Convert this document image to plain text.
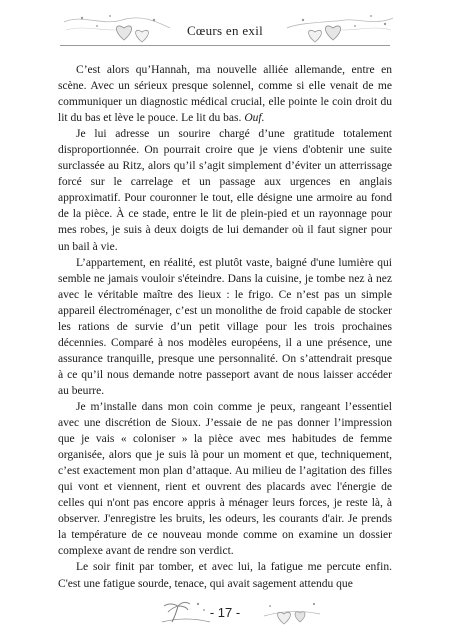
Cœurs en exil

C’est alors qu’Hannah, ma nouvelle alliée allemande, entre en scène. Avec un sérieux presque solennel, comme si elle venait de me communiquer un diagnostic médical crucial, elle pointe le coin droit du lit du bas et lève le pouce. Le lit du bas. Ouf.

Je lui adresse un sourire chargé d’une gratitude totalement disproportionnée. On pourrait croire que je viens d'obtenir une suite surclassée au Ritz, alors qu’il s’agit simplement d’éviter un atterrissage forcé sur le carrelage et un passage aux urgences en anglais approximatif. Pour couronner le tout, elle désigne une armoire au fond de la pièce. À ce stade, entre le lit de plein-pied et un rayonnage pour mes robes, je suis à deux doigts de lui demander où il faut signer pour un bail à vie.

L’appartement, en réalité, est plutôt vaste, baigné d'une lumière qui semble ne jamais vouloir s'éteindre. Dans la cuisine, je tombe nez à nez avec le véritable maître des lieux : le frigo. Ce n’est pas un simple appareil électroménager, c’est un monolithe de froid capable de stocker les rations de survie d’un petit village pour les trois prochaines décennies. Comparé à nos modèles européens, il a une présence, une assurance tranquille, presque une personnalité. On s’attendrait presque à ce qu’il nous demande notre passeport avant de nous laisser accéder au beurre.

Je m’installe dans mon coin comme je peux, rangeant l’essentiel avec une discrétion de Sioux. J’essaie de ne pas donner l’impression que je vais « coloniser » la pièce avec mes habitudes de femme organisée, alors que je suis là pour un moment et que, techniquement, c’est exactement mon plan d’attaque. Au milieu de l’agitation des filles qui vont et viennent, rient et ouvrent des placards avec l'énergie de celles qui n'ont pas encore appris à ménager leurs forces, je reste là, à observer. J'enregistre les bruits, les odeurs, les courants d'air. Je prends la température de ce nouveau monde comme on examine un dossier complexe avant de rendre son verdict.

Le soir finit par tomber, et avec lui, la fatigue me percute enfin. C'est une fatigue sourde, tenace, qui avait sagement attendu que

- 17 -
